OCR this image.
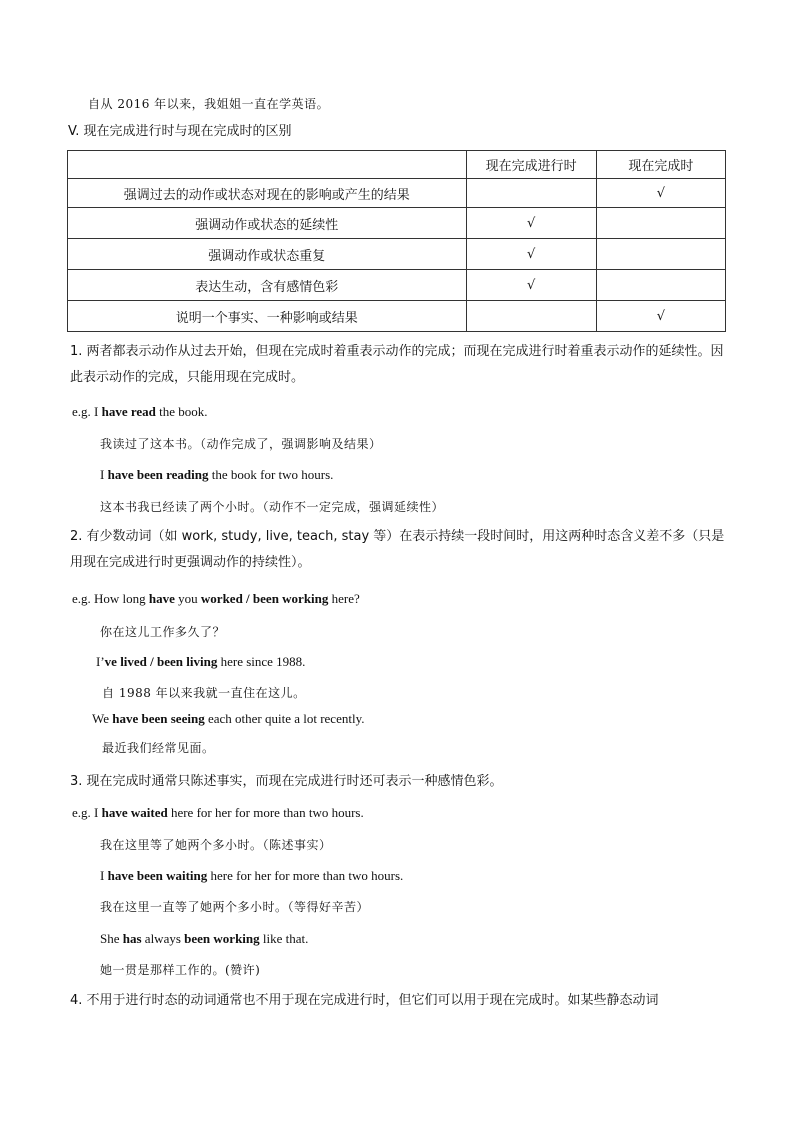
自从 2016 年以来，我姐姐一直在学英语。
V. 现在完成进行时与现在完成时的区别
	现在完成进行时	现在完成时
强调过去的动作或状态对现在的影响或产生的结果		√
强调动作或状态的延续性	√	
强调动作或状态重复	√	
表达生动，含有感情色彩	√	
说明一个事实、一种影响或结果		√
1. 两者都表示动作从过去开始，但现在完成时着重表示动作的完成；而现在完成进行时着重表示动作的延续性。因此表示动作的完成，只能用现在完成时。
e.g. I have read the book.
我读过了这本书。（动作完成了，强调影响及结果）
I have been reading the book for two hours.
这本书我已经读了两个小时。（动作不一定完成，强调延续性）
2. 有少数动词（如 work, study, live, teach, stay 等）在表示持续一段时间时，用这两种时态含义差不多（只是用现在完成进行时更强调动作的持续性）。
e.g. How long have you worked / been working here?
你在这儿工作多久了？
I’ve lived / been living here since 1988.
自 1988 年以来我就一直住在这儿。
We have been seeing each other quite a lot recently.
最近我们经常见面。
3. 现在完成时通常只陈述事实，而现在完成进行时还可表示一种感情色彩。
e.g. I have waited here for her for more than two hours.
我在这里等了她两个多小时。（陈述事实）
I have been waiting here for her for more than two hours.
我在这里一直等了她两个多小时。（等得好辛苦）
She has always been working like that.
她一贯是那样工作的。(赞许)
4. 不用于进行时态的动词通常也不用于现在完成进行时，但它们可以用于现在完成时。如某些静态动词
